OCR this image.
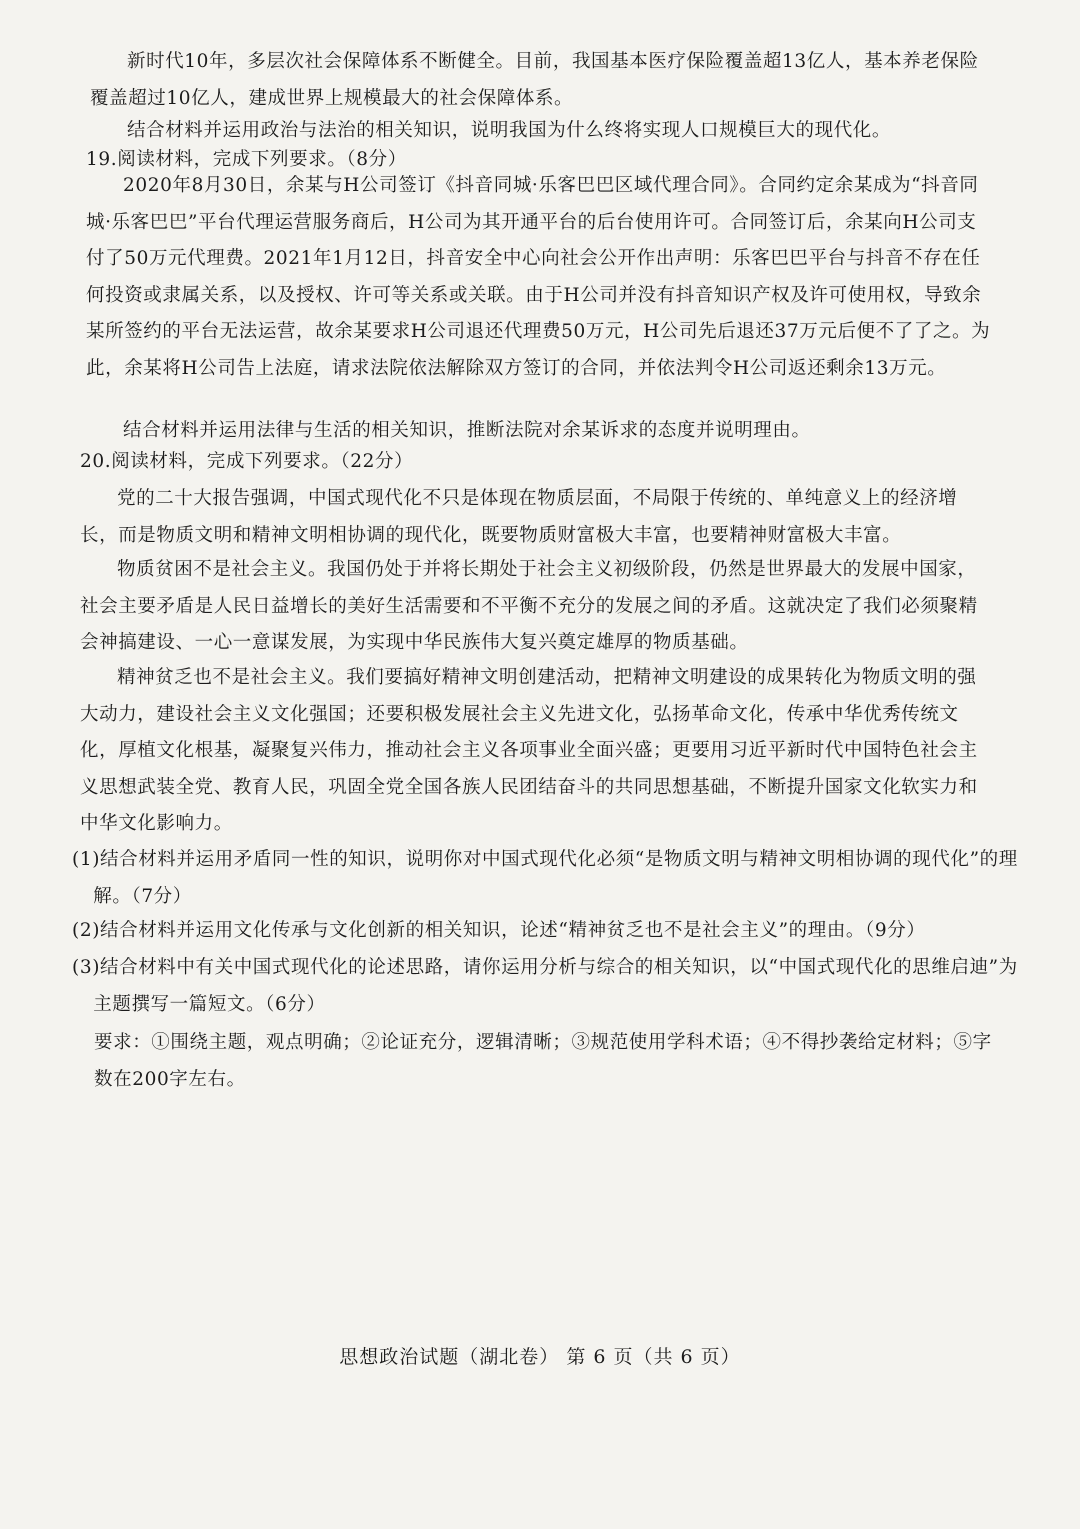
新时代10年，多层次社会保障体系不断健全。目前，我国基本医疗保险覆盖超13亿人，基本养老保险覆盖超过10亿人，建成世界上规模最大的社会保障体系。

结合材料并运用政治与法治的相关知识，说明我国为什么终将实现人口规模巨大的现代化。

19.阅读材料，完成下列要求。（8分）

2020年8月30日，余某与H公司签订《抖音同城·乐客巴巴区域代理合同》。合同约定余某成为“抖音同城·乐客巴巴”平台代理运营服务商后，H公司为其开通平台的后台使用许可。合同签订后，余某向H公司支付了50万元代理费。2021年1月12日，抖音安全中心向社会公开作出声明：乐客巴巴平台与抖音不存在任何投资或隶属关系，以及授权、许可等关系或关联。由于H公司并没有抖音知识产权及许可使用权，导致余某所签约的平台无法运营，故余某要求H公司退还代理费50万元，H公司先后退还37万元后便不了了之。为此，余某将H公司告上法庭，请求法院依法解除双方签订的合同，并依法判令H公司返还剩余13万元。

结合材料并运用法律与生活的相关知识，推断法院对余某诉求的态度并说明理由。

20.阅读材料，完成下列要求。（22分）

党的二十大报告强调，中国式现代化不只是体现在物质层面，不局限于传统的、单纯意义上的经济增长，而是物质文明和精神文明相协调的现代化，既要物质财富极大丰富，也要精神财富极大丰富。

物质贫困不是社会主义。我国仍处于并将长期处于社会主义初级阶段，仍然是世界最大的发展中国家，社会主要矛盾是人民日益增长的美好生活需要和不平衡不充分的发展之间的矛盾。这就决定了我们必须聚精会神搞建设、一心一意谋发展，为实现中华民族伟大复兴奠定雄厚的物质基础。

精神贫乏也不是社会主义。我们要搞好精神文明创建活动，把精神文明建设的成果转化为物质文明的强大动力，建设社会主义文化强国；还要积极发展社会主义先进文化，弘扬革命文化，传承中华优秀传统文化，厚植文化根基，凝聚复兴伟力，推动社会主义各项事业全面兴盛；更要用习近平新时代中国特色社会主义思想武装全党、教育人民，巩固全党全国各族人民团结奋斗的共同思想基础，不断提升国家文化软实力和中华文化影响力。

(1)结合材料并运用矛盾同一性的知识，说明你对中国式现代化必须“是物质文明与精神文明相协调的现代化”的理解。（7分）

(2)结合材料并运用文化传承与文化创新的相关知识，论述“精神贫乏也不是社会主义”的理由。（9分）

(3)结合材料中有关中国式现代化的论述思路，请你运用分析与综合的相关知识，以“中国式现代化的思维启迪”为主题撰写一篇短文。（6分）

要求：①围绕主题，观点明确；②论证充分，逻辑清晰；③规范使用学科术语；④不得抄袭给定材料；⑤字数在200字左右。

思想政治试题（湖北卷） 第 6 页（共 6 页）
